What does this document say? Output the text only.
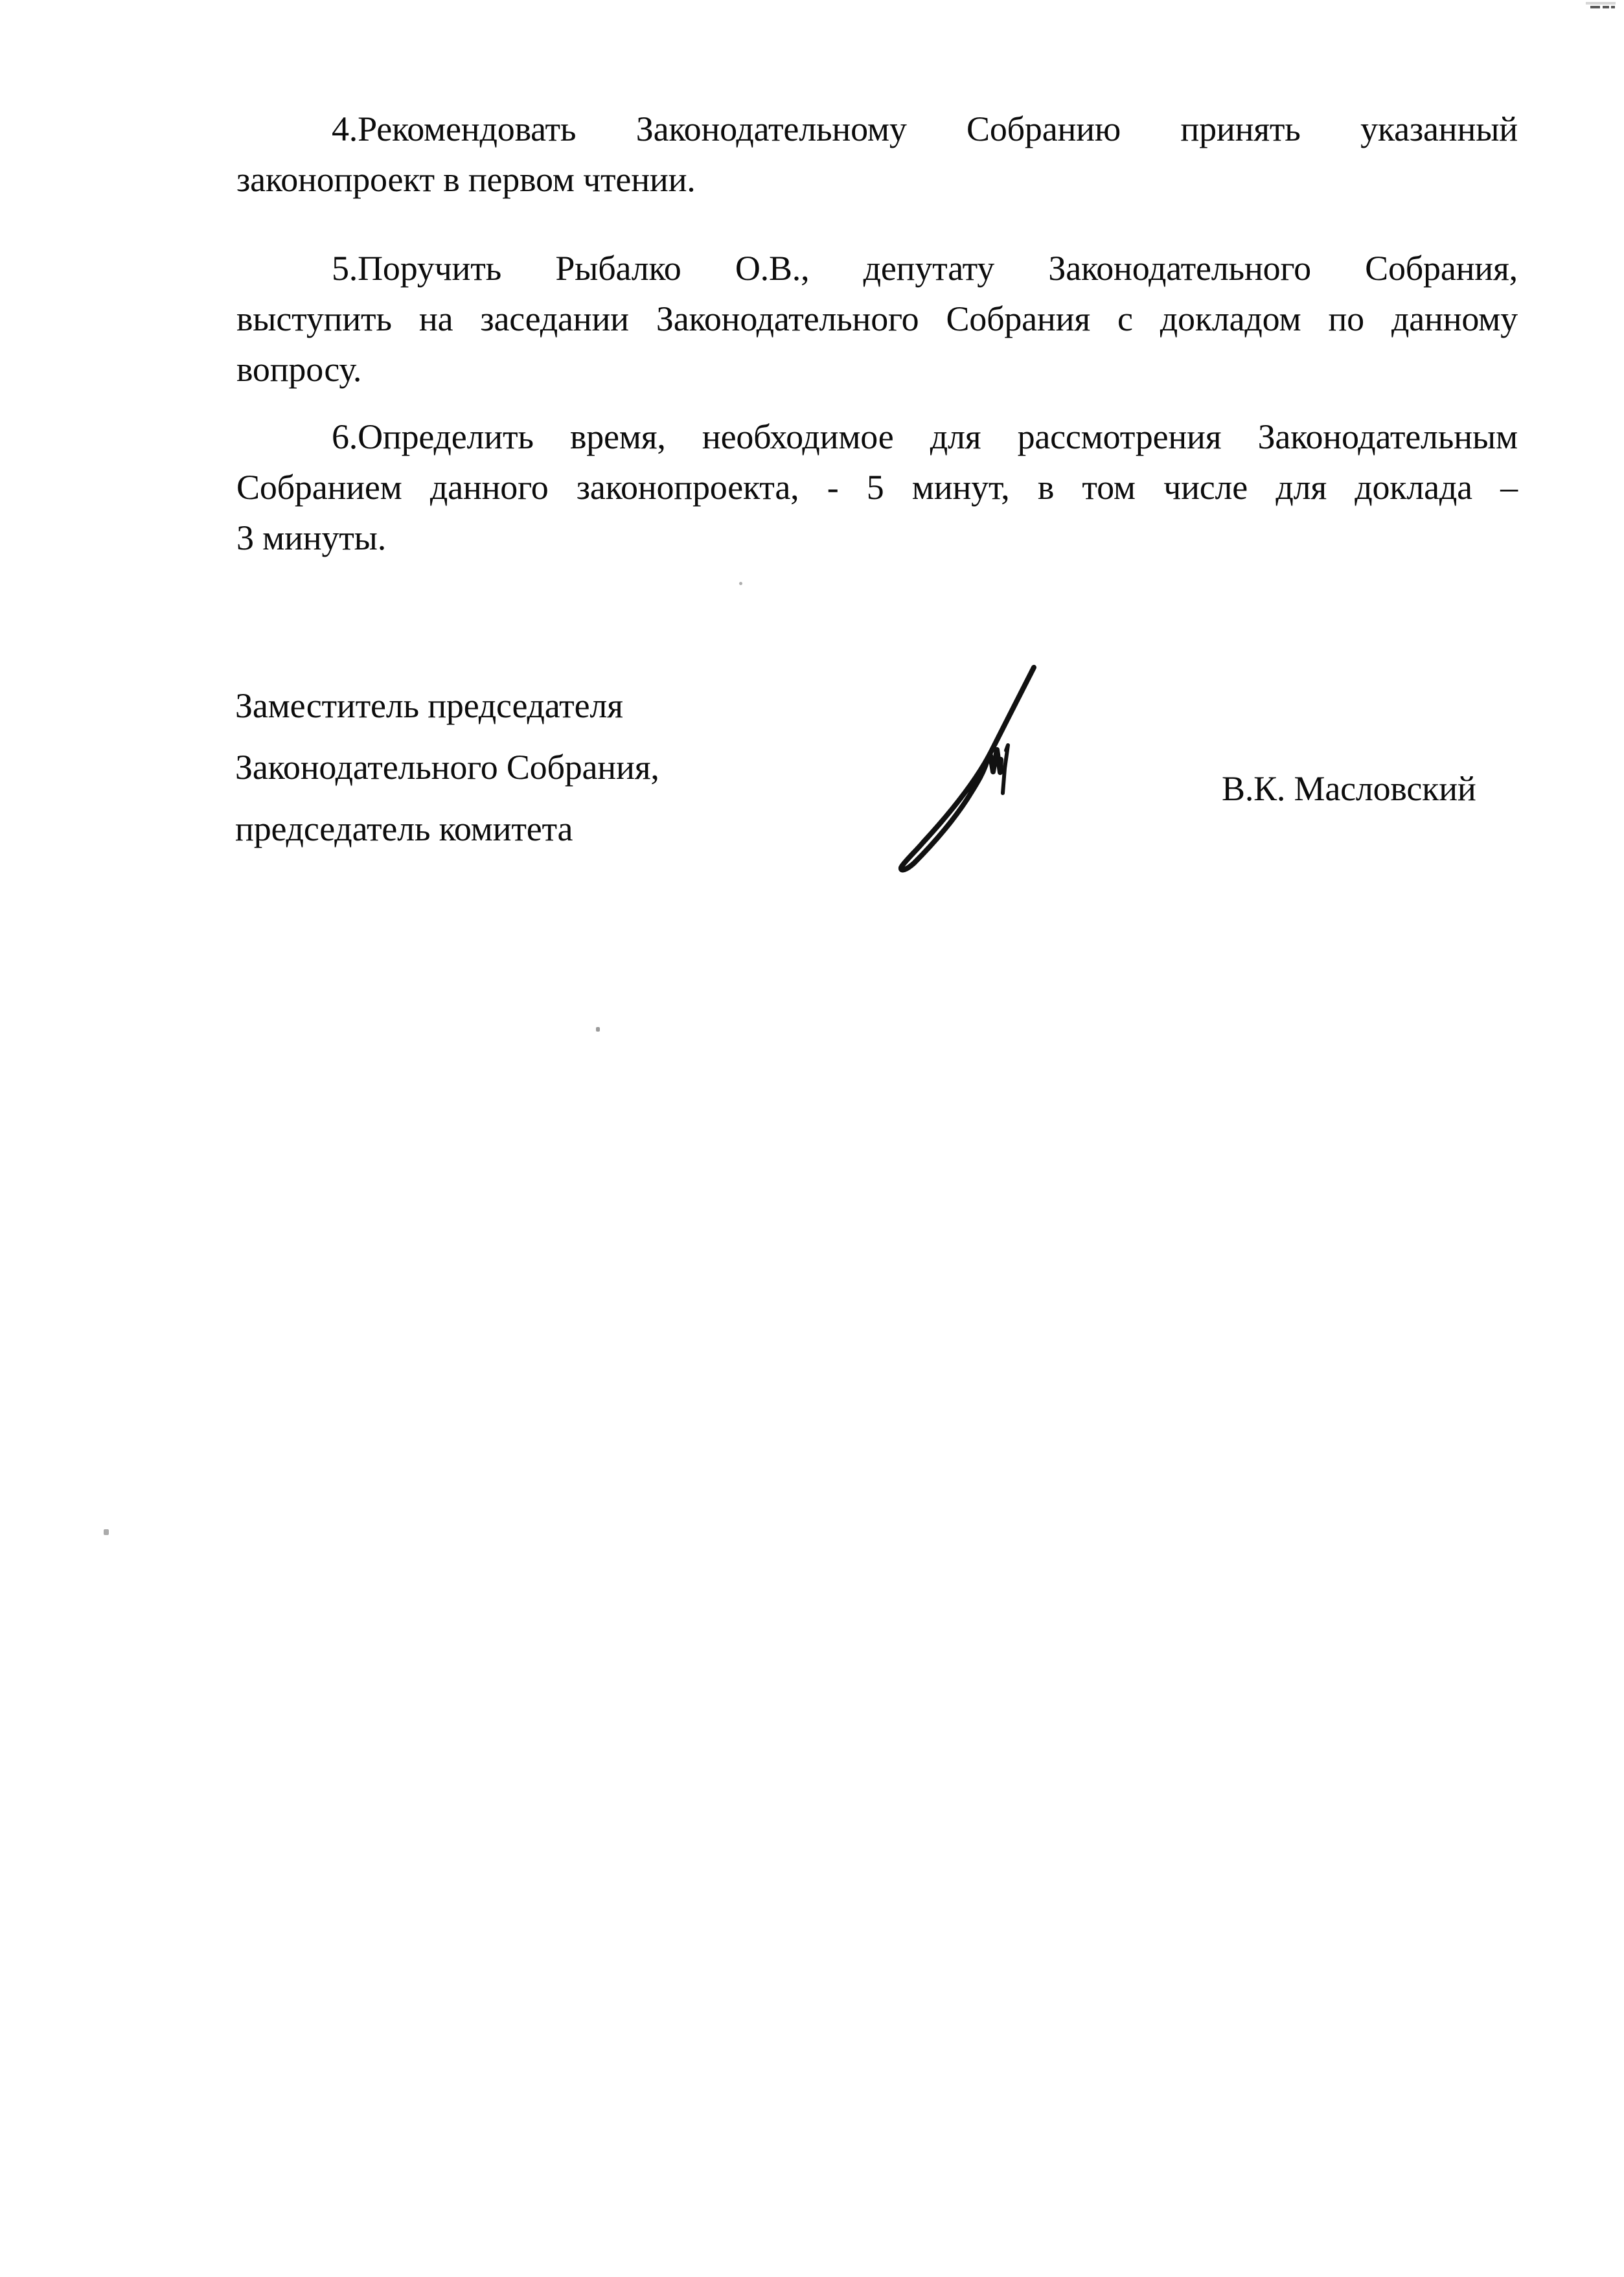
4.Рекомендовать Законодательному Собранию принять указанный
законопроект в первом чтении.
5.Поручить Рыбалко О.В., депутату Законодательного Собрания,
выступить на заседании Законодательного Собрания с докладом по данному
вопросу.
6.Определить время, необходимое для рассмотрения Законодательным
Собранием данного законопроекта, - 5 минут, в том числе для доклада –
3 минуты.
Заместитель председателя
Законодательного Собрания,
председатель комитета
В.К. Масловский
